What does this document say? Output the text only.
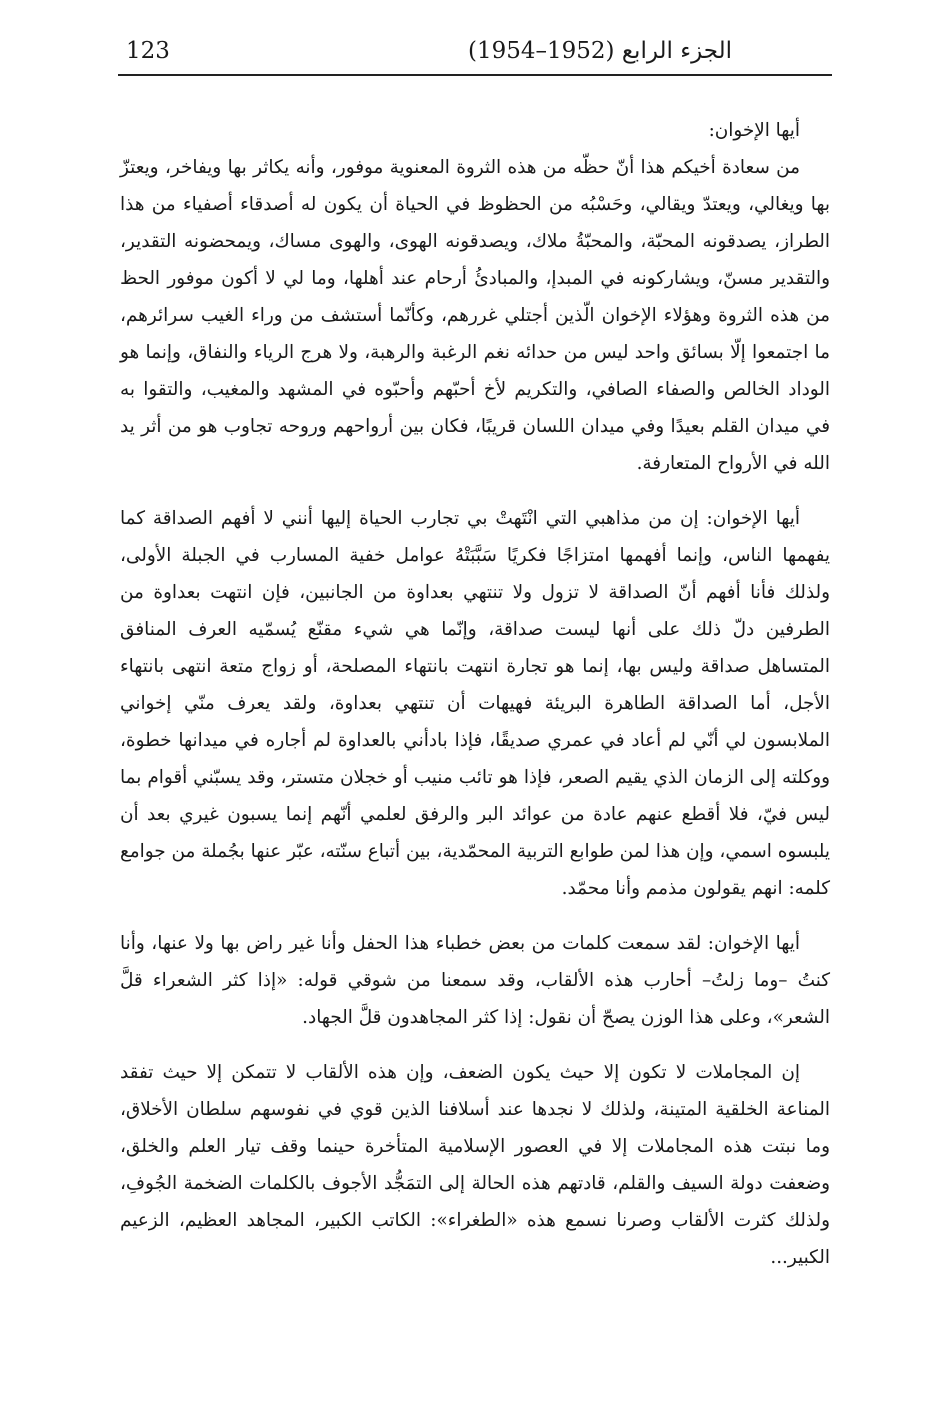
123	الجزء الرابع (1952–1954)

أيها الإخوان:

من سعادة أخيكم هذا أنّ حظّه من هذه الثروة المعنوية موفور، وأنه يكاثر بها ويفاخر، ويعتزّ بها ويغالي، ويعتدّ ويقالي، وحَسْبُه من الحظوظ في الحياة أن يكون له أصدقاء أصفياء من هذا الطراز، يصدقونه المحبّة، والمحبّةُ ملاك، ويصدقونه الهوى، والهوى مساك، ويمحضونه التقدير، والتقدير مسنّ، ويشاركونه في المبدإ، والمبادئُ أرحام عند أهلها، وما لي لا أكون موفور الحظ من هذه الثروة وهؤلاء الإخوان الّذين أجتلي غررهم، وكأنّما أستشف من وراء الغيب سرائرهم، ما اجتمعوا إلّا بسائق واحد ليس من حدائه نغم الرغبة والرهبة، ولا هرج الرياء والنفاق، وإنما هو الوداد الخالص والصفاء الصافي، والتكريم لأخ أحبّهم وأحبّوه في المشهد والمغيب، والتقوا به في ميدان القلم بعيدًا وفي ميدان اللسان قريبًا، فكان بين أرواحهم وروحه تجاوب هو من أثر يد الله في الأرواح المتعارفة.

أيها الإخوان: إن من مذاهبي التي انْتَهتْ بي تجارب الحياة إليها أنني لا أفهم الصداقة كما يفهمها الناس، وإنما أفهمها امتزاجًا فكريًا سَبَّبَتْهُ عوامل خفية المسارب في الجبلة الأولى، ولذلك فأنا أفهم أنّ الصداقة لا تزول ولا تنتهي بعداوة من الجانبين، فإن انتهت بعداوة من الطرفين دلّ ذلك على أنها ليست صداقة، وإنّما هي شيء مقنّع يُسمّيه العرف المنافق المتساهل صداقة وليس بها، إنما هو تجارة انتهت بانتهاء المصلحة، أو زواج متعة انتهى بانتهاء الأجل، أما الصداقة الطاهرة البريئة فهيهات أن تنتهي بعداوة، ولقد يعرف منّي إخواني الملابسون لي أنّي لم أعاد في عمري صديقًا، فإذا بادأني بالعداوة لم أجاره في ميدانها خطوة، ووكلته إلى الزمان الذي يقيم الصعر، فإذا هو تائب منيب أو خجلان متستر، وقد يسبّني أقوام بما ليس فيّ، فلا أقطع عنهم عادة من عوائد البر والرفق لعلمي أنّهم إنما يسبون غيري بعد أن يلبسوه اسمي، وإن هذا لمن طوابع التربية المحمّدية، بين أتباع سنّته، عبّر عنها بجُملة من جوامع كلمه: انهم يقولون مذمم وأنا محمّد.

أيها الإخوان: لقد سمعت كلمات من بعض خطباء هذا الحفل وأنا غير راض بها ولا عنها، وأنا كنتُ –وما زلتُ– أحارب هذه الألقاب، وقد سمعنا من شوقي قوله: «إذا كثر الشعراء قلَّ الشعر»، وعلى هذا الوزن يصحّ أن نقول: إذا كثر المجاهدون قلَّ الجهاد.

إن المجاملات لا تكون إلا حيث يكون الضعف، وإن هذه الألقاب لا تتمكن إلا حيث تفقد المناعة الخلقية المتينة، ولذلك لا نجدها عند أسلافنا الذين قوي في نفوسهم سلطان الأخلاق، وما نبتت هذه المجاملات إلا في العصور الإسلامية المتأخرة حينما وقف تيار العلم والخلق، وضعفت دولة السيف والقلم، قادتهم هذه الحالة إلى التمَجُّد الأجوف بالكلمات الضخمة الجُوفِ، ولذلك كثرت الألقاب وصرنا نسمع هذه «الطغراء»: الكاتب الكبير، المجاهد العظيم، الزعيم الكبير...
